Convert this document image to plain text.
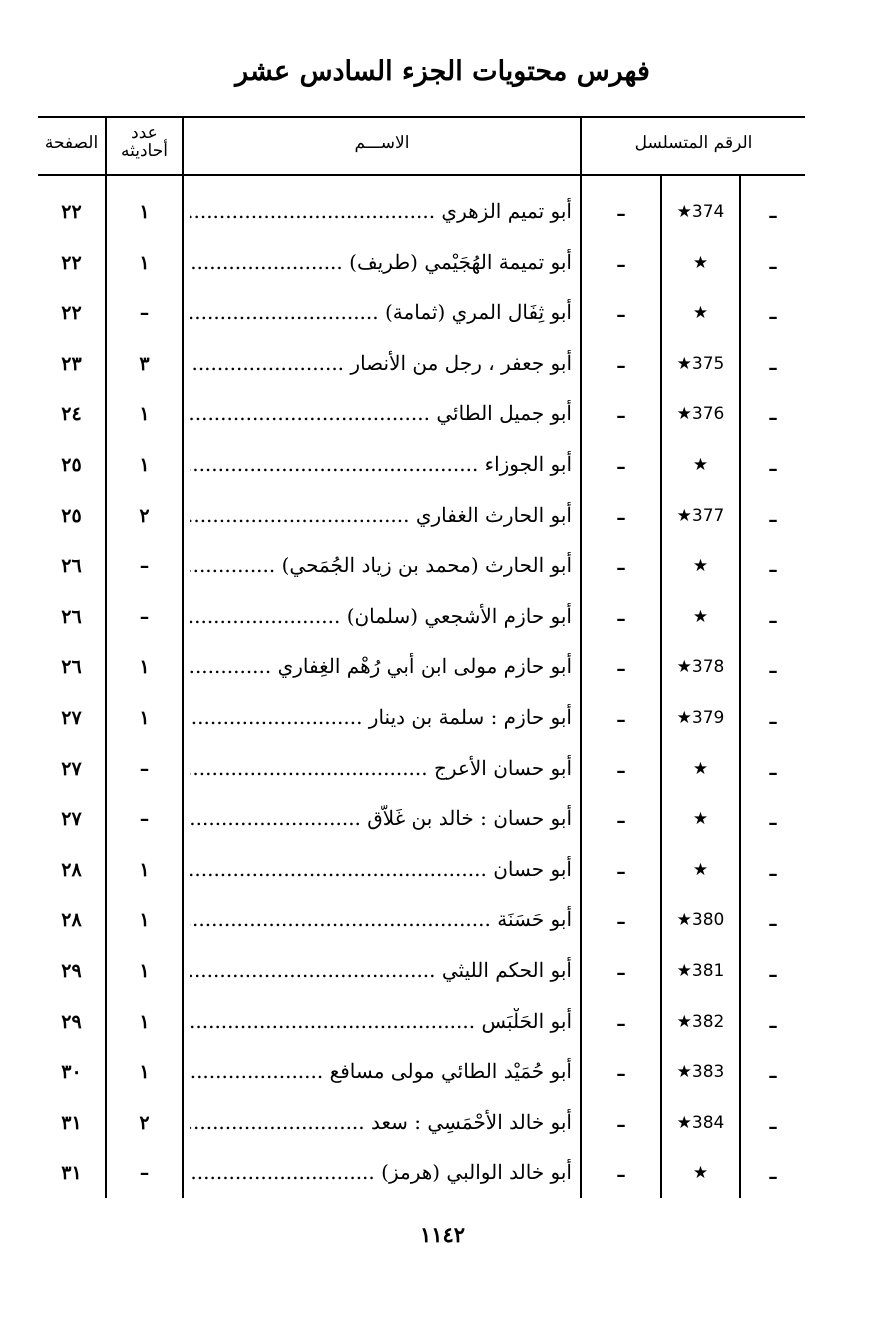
فهرس محتويات الجزء السادس عشر
الصفحة	عدد أحاديثه	الاســـم	الرقم المتسلسل
٢٢	١	أبو تميم الزهري .....	–	★374	–
٢٢	١	أبو تميمة الهُجَيْمي (طريف) .....	–	★	–
٢٢	–	أبو ثِفَال المري (ثمامة) .....	–	★	–
٢٣	٣	أبو جعفر ، رجل من الأنصار .....	–	★375	–
٢٤	١	أبو جميل الطائي .....	–	★376	–
٢٥	١	أبو الجوزاء .....	–	★	–
٢٥	٢	أبو الحارث الغفاري .....	–	★377	–
٢٦	–	أبو الحارث (محمد بن زياد الجُمَحي) .....	–	★	–
٢٦	–	أبو حازم الأشجعي (سلمان) .....	–	★	–
٢٦	١	أبو حازم مولى ابن أبي رُهْم الغِفاري .....	–	★378	–
٢٧	١	أبو حازم : سلمة بن دينار .....	–	★379	–
٢٧	–	أبو حسان الأعرج .....	–	★	–
٢٧	–	أبو حسان : خالد بن غَلاّق .....	–	★	–
٢٨	١	أبو حسان .....	–	★	–
٢٨	١	أبو حَسَنَة .....	–	★380	–
٢٩	١	أبو الحكم الليثي .....	–	★381	–
٢٩	١	أبو الحَلْبَس .....	–	★382	–
٣٠	١	أبو حُمَيْد الطائي مولى مسافع .....	–	★383	–
٣١	٢	أبو خالد الأَحْمَسِي : سعد .....	–	★384	–
٣١	–	أبو خالد الوالبي (هرمز) .....	–	★	–
١١٤٢
